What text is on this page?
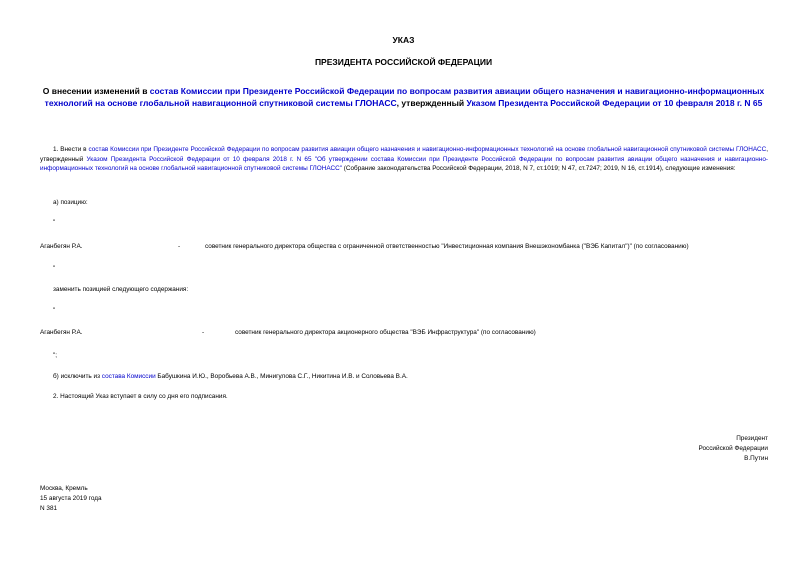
УКАЗ
ПРЕЗИДЕНТА РОССИЙСКОЙ ФЕДЕРАЦИИ
О внесении изменений в состав Комиссии при Президенте Российской Федерации по вопросам развития авиации общего назначения и навигационно-информационных технологий на основе глобальной навигационной спутниковой системы ГЛОНАСС, утвержденный Указом Президента Российской Федерации от 10 февраля 2018 г. N 65
1. Внести в состав Комиссии при Президенте Российской Федерации по вопросам развития авиации общего назначения и навигационно-информационных технологий на основе глобальной навигационной спутниковой системы ГЛОНАСС, утвержденный Указом Президента Российской Федерации от 10 февраля 2018 г. N 65 "Об утверждении состава Комиссии при Президенте Российской Федерации по вопросам развития авиации общего назначения и навигационно-информационных технологий на основе глобальной навигационной спутниковой системы ГЛОНАСС" (Собрание законодательства Российской Федерации, 2018, N 7, ст.1019; N 47, ст.7247; 2019, N 16, ст.1914), следующие изменения:
а) позицию:
"
Аганбегян Р.А.	-	советник генерального директора общества с ограниченной ответственностью "Инвестиционная компания Внешэкономбанка ("ВЭБ Капитал")" (по согласованию)
"
заменить позицией следующего содержания:
"
Аганбегян Р.А.	-	советник генерального директора акционерного общества "ВЭБ Инфраструктура" (по согласованию)
";
б) исключить из состава Комиссии Бабушкина И.Ю., Воробьева А.В., Минигулова С.Г., Никитина И.В. и Соловьева В.А.
2. Настоящий Указ вступает в силу со дня его подписания.
Президент
Российской Федерации
В.Путин
Москва, Кремль
15 августа 2019 года
N 381
